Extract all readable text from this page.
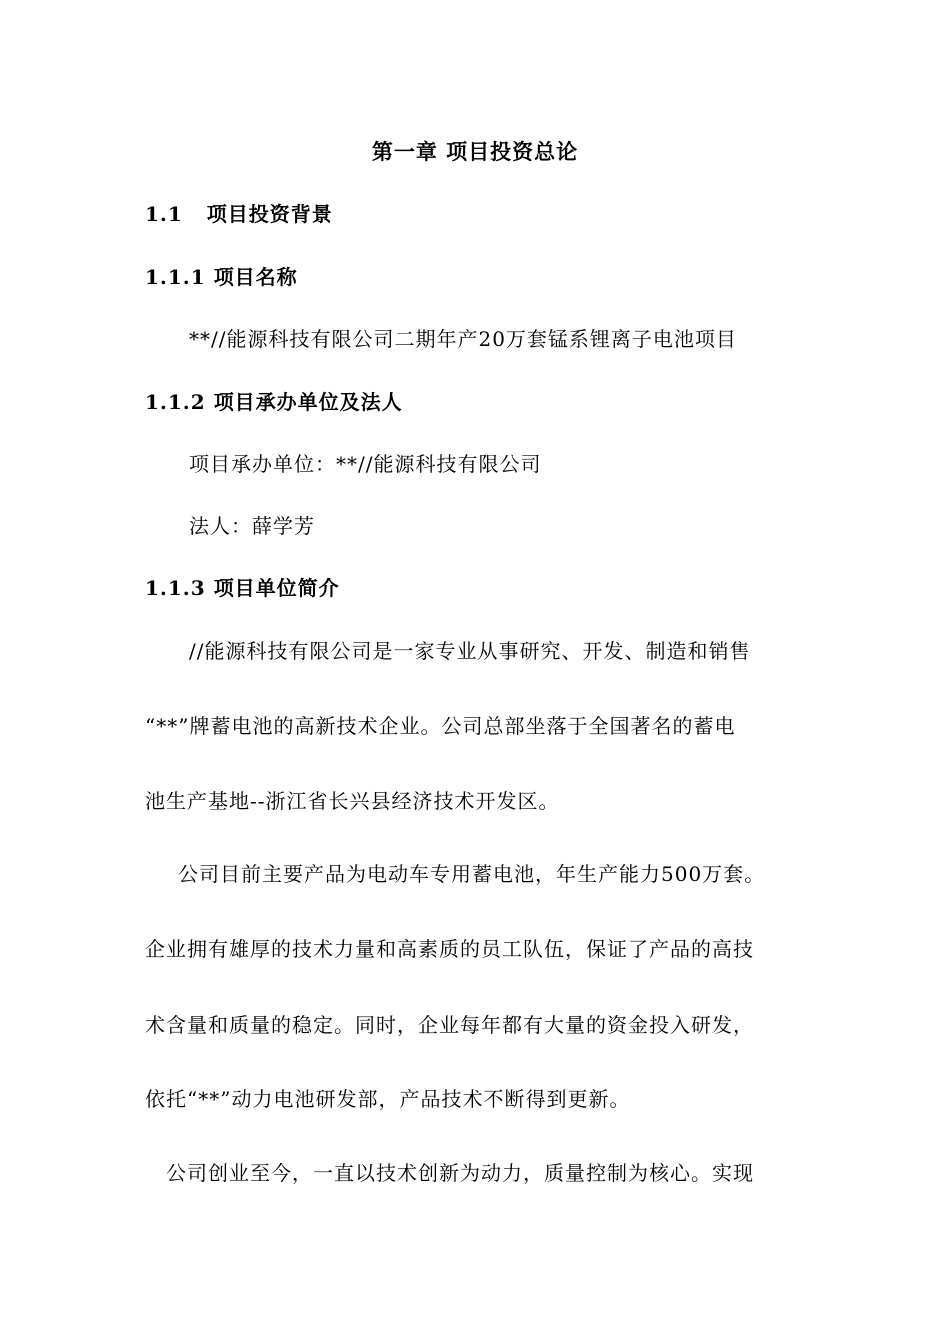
第一章 项目投资总论
1.1 项目投资背景
1.1.1 项目名称
**//能源科技有限公司二期年产20万套锰系锂离子电池项目
1.1.2 项目承办单位及法人
项目承办单位：**//能源科技有限公司
法人：薛学芳
1.1.3 项目单位简介
//能源科技有限公司是一家专业从事研究、开发、制造和销售
“**”牌蓄电池的高新技术企业。公司总部坐落于全国著名的蓄电
池生产基地--浙江省长兴县经济技术开发区。
公司目前主要产品为电动车专用蓄电池，年生产能力500万套。
企业拥有雄厚的技术力量和高素质的员工队伍，保证了产品的高技
术含量和质量的稳定。同时，企业每年都有大量的资金投入研发，
依托“**”动力电池研发部，产品技术不断得到更新。
公司创业至今，一直以技术创新为动力，质量控制为核心。实现
